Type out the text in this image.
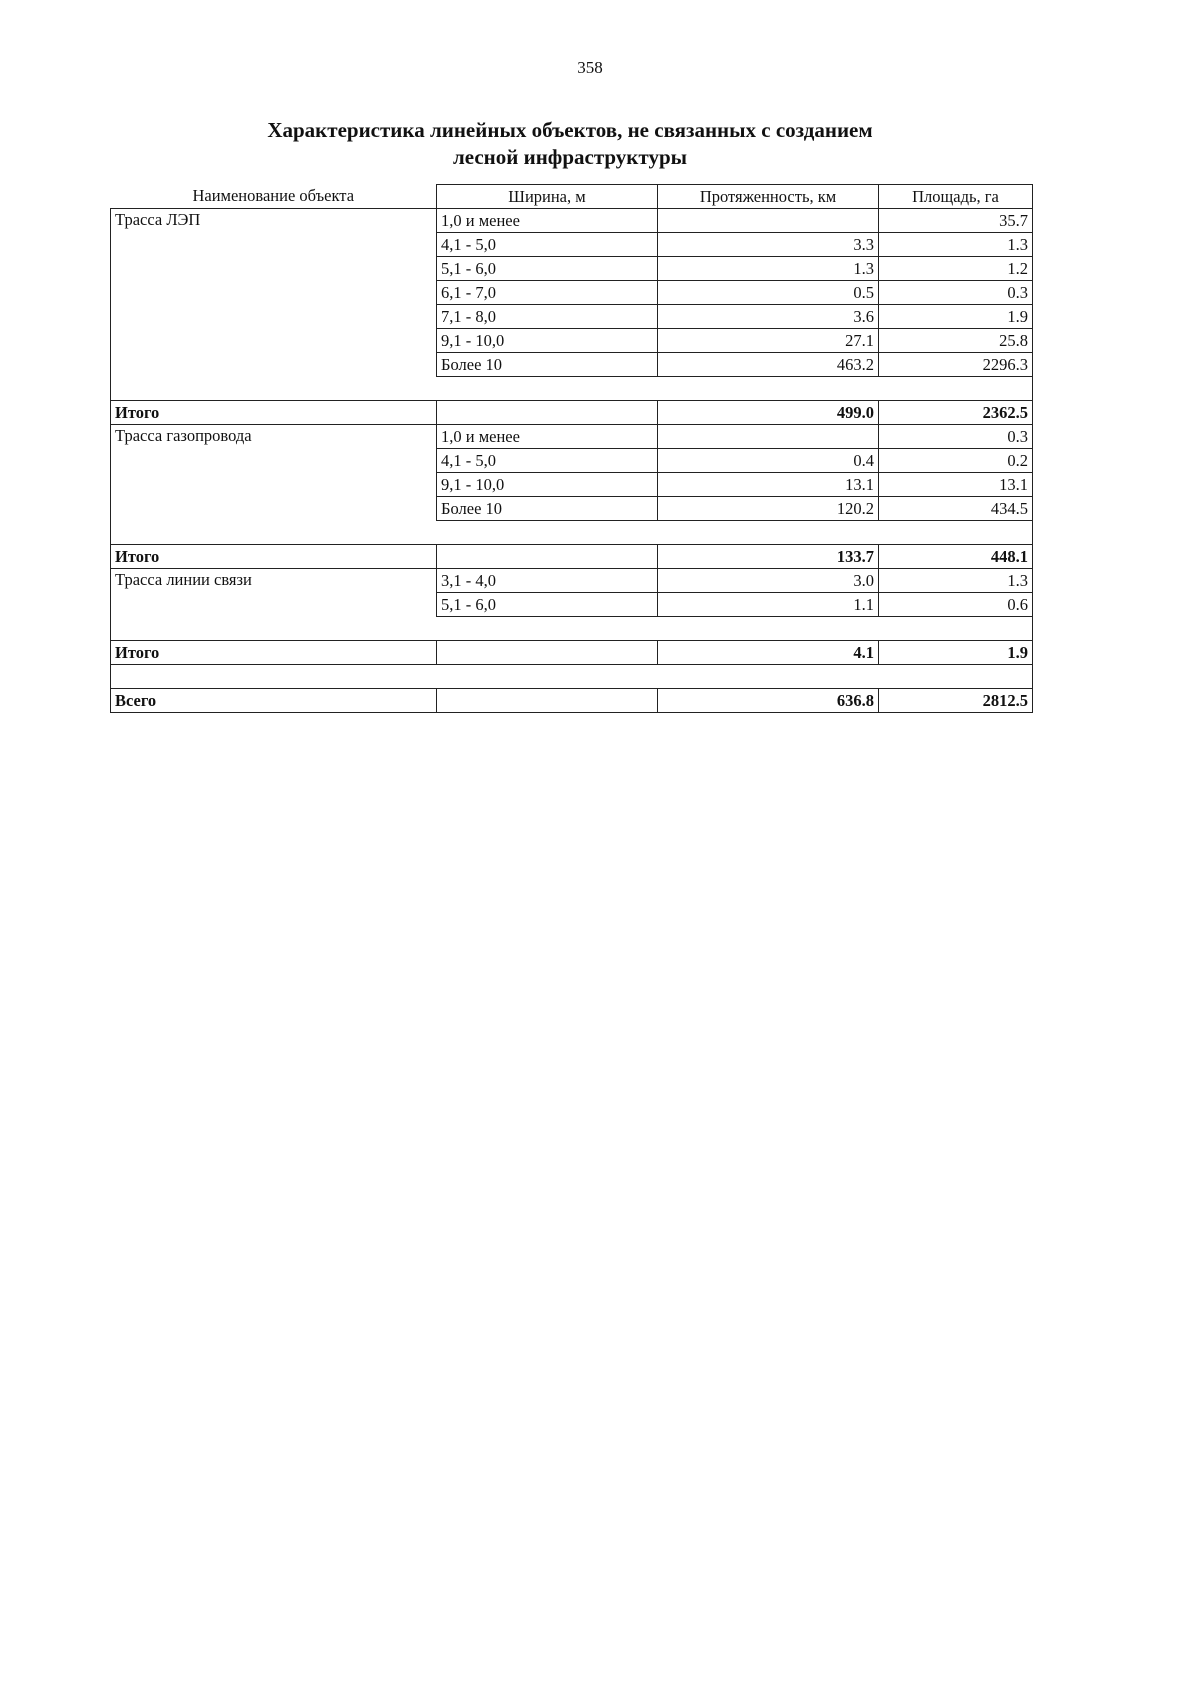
358
Характеристика линейных объектов, не связанных с созданием
лесной инфраструктуры
Наименование объекта	Ширина, м	Протяженность, км	Площадь, га
Трасса ЛЭП	1,0 и менее		35.7
	4,1 - 5,0	3.3	1.3
	5,1 - 6,0	1.3	1.2
	6,1 - 7,0	0.5	0.3
	7,1 - 8,0	3.6	1.9
	9,1 - 10,0	27.1	25.8
	Более 10	463.2	2296.3

Итого		499.0	2362.5
Трасса газопровода	1,0 и менее		0.3
	4,1 - 5,0	0.4	0.2
	9,1 - 10,0	13.1	13.1
	Более 10	120.2	434.5

Итого		133.7	448.1
Трасса линии связи	3,1 - 4,0	3.0	1.3
	5,1 - 6,0	1.1	0.6

Итого		4.1	1.9

Всего		636.8	2812.5
